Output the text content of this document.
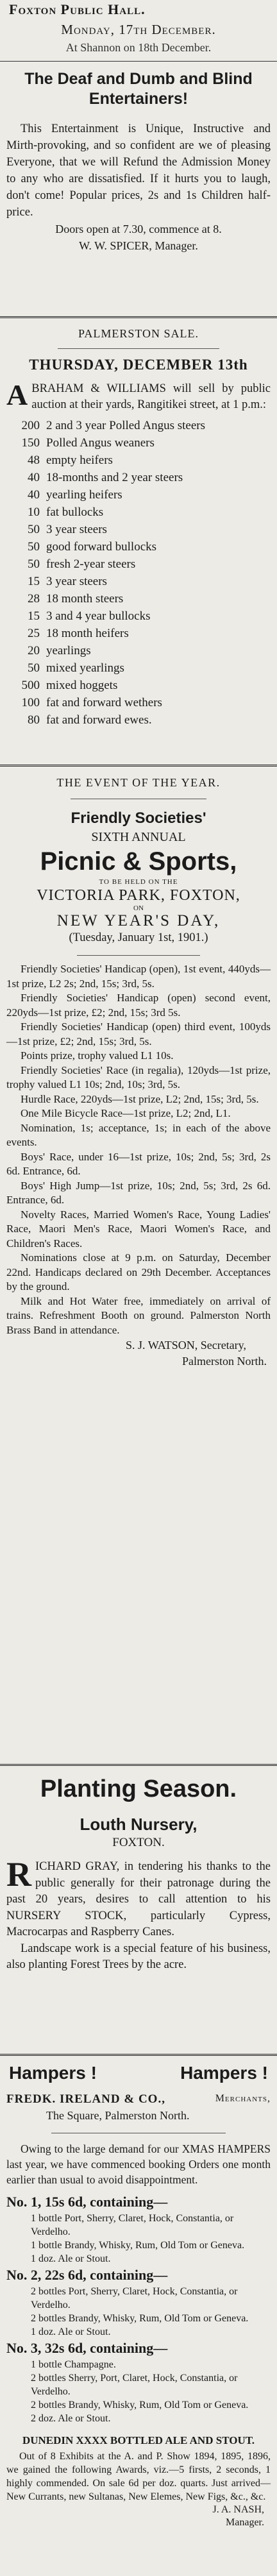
Foxton Public Hall.
Monday, 17th December.
At Shannon on 18th December.

The Deaf and Dumb and Blind Entertainers!

This Entertainment is Unique, Instructive and Mirth-provoking, and so confident are we of pleasing Everyone, that we will Refund the Admission Money to any who are dissatisfied. If it hurts you to laugh, don't come! Popular prices, 2s and 1s Children half-price.

Doors open at 7.30, commence at 8.

W. W. SPICER, Manager.

PALMERSTON SALE.

THURSDAY, DECEMBER 13th

A BRAHAM & WILLIAMS will sell by public auction at their yards, Rangitikei street, at 1 p.m.:

200 2 and 3 year Polled Angus steers
150 Polled Angus weaners
48 empty heifers
40 18-months and 2 year steers
40 yearling heifers
10 fat bullocks
50 3 year steers
50 good forward bullocks
50 fresh 2-year steers
15 3 year steers
28 18 month steers
15 3 and 4 year bullocks
25 18 month heifers
20 yearlings
50 mixed yearlings
500 mixed hoggets
100 fat and forward wethers
80 fat and forward ewes.

THE EVENT OF THE YEAR.

Friendly Societies'

SIXTH ANNUAL

Picnic & Sports,

TO BE HELD ON THE

VICTORIA PARK, FOXTON,

ON

NEW YEAR'S DAY,

(Tuesday, January 1st, 1901.)

Friendly Societies' Handicap (open), 1st event, 440yds—1st prize, L2 2s; 2nd, 15s; 3rd, 5s.

Friendly Societies' Handicap (open) second event, 220yds—1st prize, £2; 2nd, 15s; 3rd 5s.

Friendly Societies' Handicap (open) third event, 100yds—1st prize, £2; 2nd, 15s; 3rd, 5s.

Points prize, trophy valued L1 10s.

Friendly Societies' Race (in regalia), 120yds—1st prize, trophy valued L1 10s; 2nd, 10s; 3rd, 5s.

Hurdle Race, 220yds—1st prize, L2; 2nd, 15s; 3rd, 5s.

One Mile Bicycle Race—1st prize, L2; 2nd, L1.

Nomination, 1s; acceptance, 1s; in each of the above events.

Boys' Race, under 16—1st prize, 10s; 2nd, 5s; 3rd, 2s 6d. Entrance, 6d.

Boys' High Jump—1st prize, 10s; 2nd, 5s; 3rd, 2s 6d. Entrance, 6d.

Novelty Races, Married Women's Race, Young Ladies' Race, Maori Men's Race, Maori Women's Race, and Children's Races.

Nominations close at 9 p.m. on Saturday, December 22nd. Handicaps declared on 29th December. Acceptances by the ground.

Milk and Hot Water free, immediately on arrival of trains. Refreshment Booth on ground. Palmerston North Brass Band in attendance.

S. J. WATSON, Secretary,

Palmerston North.

Planting Season.

Louth Nursery,

FOXTON.

R ICHARD GRAY, in tendering his thanks to the public generally for their patronage during the past 20 years, desires to call attention to his NURSERY STOCK, particularly Cypress, Macrocarpas and Raspberry Canes.

Landscape work is a special feature of his business, also planting Forest Trees by the acre.

Hampers !	Hampers !
FREDK. IRELAND & CO.,	Merchants,

The Square, Palmerston North.

Owing to the large demand for our XMAS HAMPERS last year, we have commenced booking Orders one month earlier than usual to avoid disappointment.

No. 1, 15s 6d, containing—

1 bottle Port, Sherry, Claret, Hock, Constantia, or Verdelho.

1 bottle Brandy, Whisky, Rum, Old Tom or Geneva.

1 doz. Ale or Stout.

No. 2, 22s 6d, containing—

2 bottles Port, Sherry, Claret, Hock, Constantia, or Verdelho.

2 bottles Brandy, Whisky, Rum, Old Tom or Geneva.

1 doz. Ale or Stout.

No. 3, 32s 6d, containing—

1 bottle Champagne.

2 bottles Sherry, Port, Claret, Hock, Constantia, or Verdelho.

2 bottles Brandy, Whisky, Rum, Old Tom or Geneva.

2 doz. Ale or Stout.

DUNEDIN XXXX BOTTLED ALE AND STOUT.

Out of 8 Exhibits at the A. and P. Show 1894, 1895, 1896, we gained the following Awards, viz.—5 firsts, 2 seconds, 1 highly commended. On sale 6d per doz. quarts. Just arrived—New Currants, new Sultanas, New Elemes, New Figs, &c., &c.

J. A. NASH,
Manager.
